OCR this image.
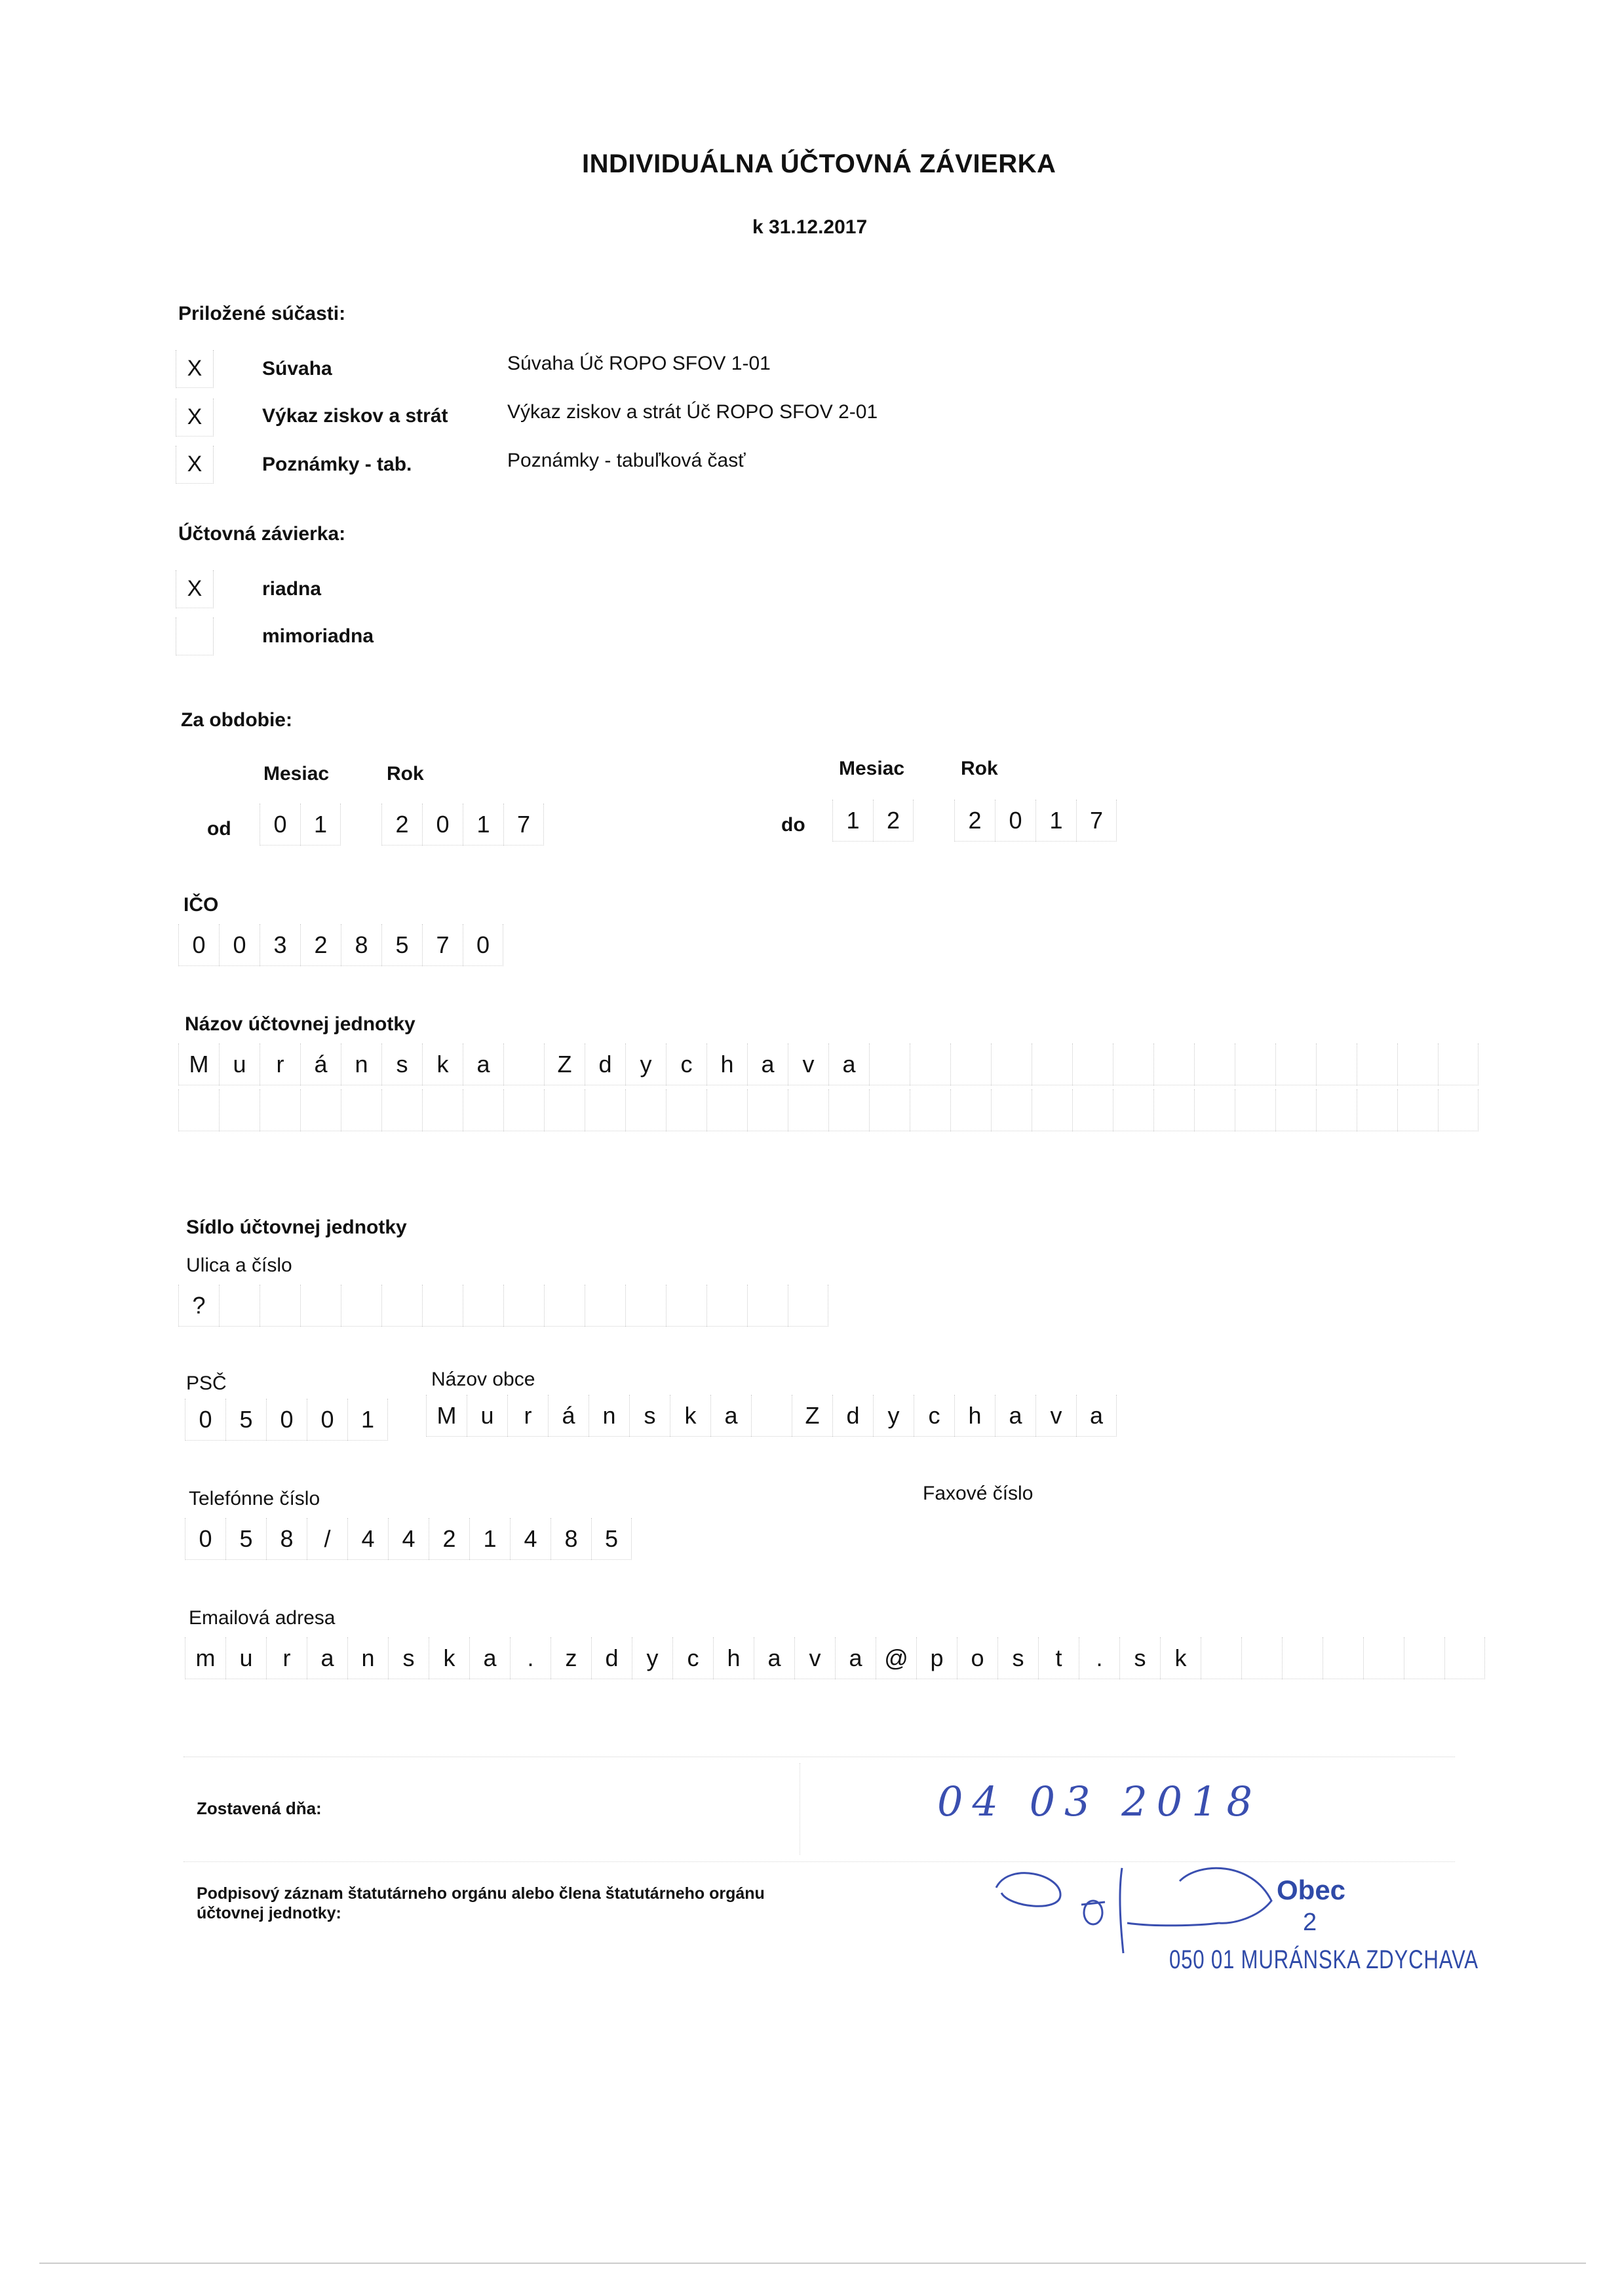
INDIVIDUÁLNA ÚČTOVNÁ ZÁVIERKA
k 31.12.2017
Priložené súčasti:
X	Súvaha	Súvaha Úč ROPO SFOV 1-01
X	Výkaz ziskov a strát	Výkaz ziskov a strát Úč ROPO SFOV 2-01
X	Poznámky - tab.	Poznámky - tabuľková časť
Účtovná závierka:
X	riadna
mimoriadna
Za obdobie:
Mesiac	Rok	Mesiac	Rok
od	0	1	2	0	1	7	do	1	2	2	0	1	7
IČO
0	0	3	2	8	5	7	0
Názov účtovnej jednotky
M	u	r	á	n	s	k	a	Z	d	y	c	h	a	v	a
Sídlo účtovnej jednotky
Ulica a číslo
?
PSČ	Názov obce
0	5	0	0	1	M	u	r	á	n	s	k	a	Z	d	y	c	h	a	v	a
Telefónne číslo	Faxové číslo
0	5	8	/	4	4	2	1	4	8	5
Emailová adresa
m	u	r	a	n	s	k	a	.	z	d	y	c	h	a	v	a @ p	o	s	t	.	s	k
Zostavená dňa:	04 03 2018
Podpisový záznam štatutárneho orgánu alebo člena štatutárneho orgánu účtovnej jednotky:
Obec
2
050 01 MURÁNSKA ZDYCHAVA
